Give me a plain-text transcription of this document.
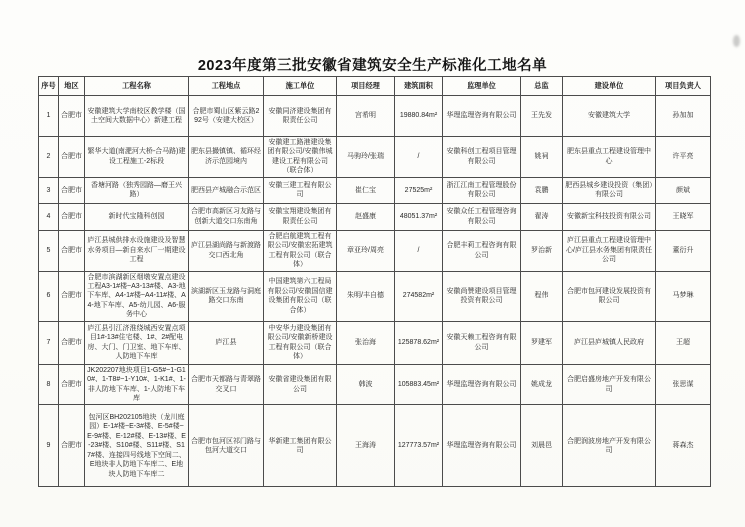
2023年度第三批安徽省建筑安全生产标准化工地名单
序号	地区	工程名称	工程地点	施工单位	项目经理	建筑面积	监理单位	总监	建设单位	项目负责人
1	合肥市	安徽建筑大学南校区教学楼（国土空间大数据中心）新建工程	合肥市蜀山区紫云路292号（安建大校区）	安徽同济建设集团有限责任公司	宫希明	19880.84m²	华理监理咨询有限公司	王先发	安徽建筑大学	孙加加
2	合肥市	繁华大道(南淝河大桥-合马路)建设工程施工-2标段	肥东县撮镇镇、循环经济示范园境内	安徽建工路港建设集团有限公司/安徽伟城建设工程有限公司（联合体）	马驹玲/张瑞	/	安徽科创工程项目管理有限公司	姚祠	肥东县重点工程建设管理中心	许平亮
3	合肥市	香塘河路（独秀园路—磨王兴路）	肥西县产城融合示范区	安徽三建工程有限公司	崔仁宝	27525m²	浙江江南工程管理股份有限公司	袁鹏	肥西县城乡建设投资（集团）有限公司	颜斌
4	合肥市	新时代宝隆科创园	合肥市高新区习友路与创新大道交口东南角	安徽宝翔建设集团有限责任公司	赵盛康	48051.37m²	安徽众任工程管理咨询有限公司	翟涛	安徽新宝科技投资有限公司	王晓军
5	合肥市	庐江县城供排水设施建设及智慧水务项目—新自来水厂一期建设工程	庐江县湖尚路与新渡路交口西北角	合肥启航建筑工程有限公司/安徽宏拓建筑工程有限公司（联合体）	章亚玲/周亮	/	合肥丰莉工程咨询有限公司	罗治新	庐江县重点工程建设管理中心/庐江县水务集团有限责任公司	董衍升
6	合肥市	合肥市滨湖新区烟墩安置点建设工程A3-1#楼~A3-13#楼、A3-地下车库、A4-1#楼~A4-11#楼、A4-地下车库、A5-幼儿园、A6-服务中心	滨湖新区玉龙路与洞庭路交口东南	中国建筑第六工程局有限公司/安徽国信建设集团有限公司（联合体）	朱明/丰自德	274582m²	安徽尚赞建设项目管理投资有限公司	程伟	合肥市包河建设发展投资有限公司	马梦琳
7	合肥市	庐江县引江济淮绕城西安置点项目1#-13#住宅楼、1#、2#配电房、大门、门卫室、地下车库、人防地下车库	庐江县	中安华力建设集团有限公司/安徽新桥建设工程有限公司（联合体）	张治海	125878.62m²	安徽天赖工程咨询有限公司	罗建军	庐江县庐城镇人民政府	王超
8	合肥市	JK202207地块项目1-G5#~1-G10#、1-T8#~1-Y10#、1-K1#、1-非人防地下车库、1-人防地下车库	合肥市天都路与青翠路交叉口	安徽省建设集团有限公司	韩波	105883.45m²	华理监理咨询有限公司	姚成龙	合肥启盛房地产开发有限公司	张思谋
9	合肥市	包河区BH202105地块（龙川庭园）E-1#楼~E-3#楼、E-5#楼~E-9#楼、E-12#楼、E-13#楼、E-23#楼、S10#楼、S11#楼、S17#楼、连接四号线地下空间二、E地块非人防地下车库二、E地块人防地下车库二	合肥市包河区祁门路与包河大道交口	华新建工集团有限公司	王海涛	127773.57m²	华理监理咨询有限公司	刘晨邑	合肥润波房地产开发有限公司	蒋森杰
